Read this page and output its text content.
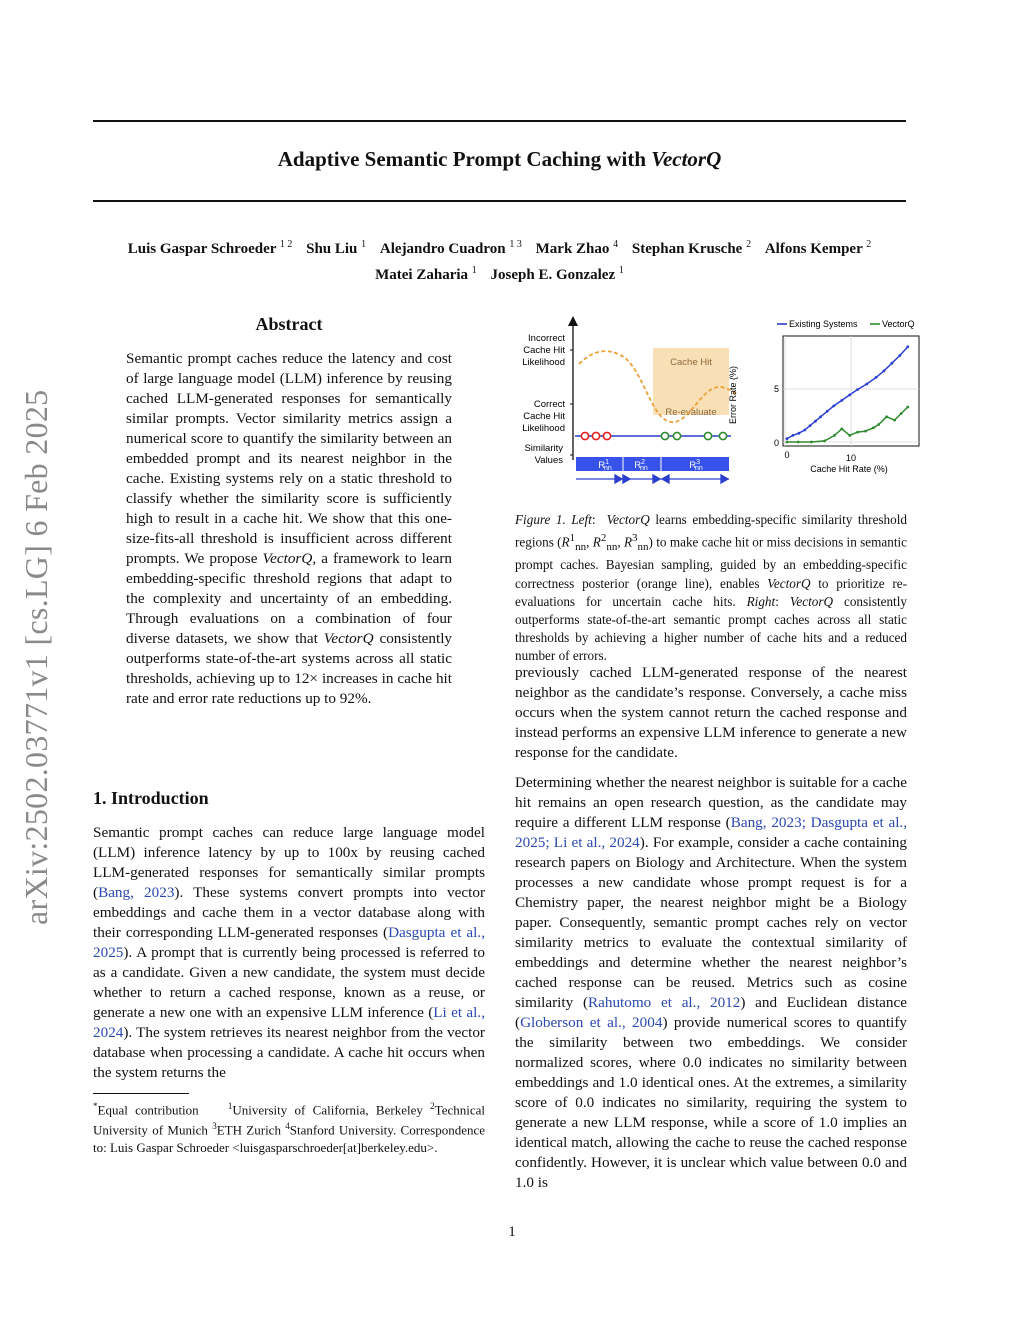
arXiv:2502.03771v1 [cs.LG] 6 Feb 2025
Adaptive Semantic Prompt Caching with VectorQ
Luis Gaspar Schroeder $^{1 2}$ Shu Liu $^1$ Alejandro Cuadron $^{1 3}$ Mark Zhao $^4$ Stephan Krusche $^2$ Alfons Kemper $^2$
Matei Zaharia $^1$ Joseph E. Gonzalez $^1$
Abstract
Semantic prompt caches reduce the latency and cost of large language model (LLM) inference by reusing cached LLM-generated responses for semantically similar prompts. Vector similarity metrics assign a numerical score to quantify the similarity between an embedded prompt and its nearest neighbor in the cache. Existing systems rely on a static threshold to classify whether the similarity score is sufficiently high to result in a cache hit. We show that this one-size-fits-all threshold is insufficient across different prompts. We propose VectorQ, a framework to learn embedding-specific threshold regions that adapt to the complexity and uncertainty of an embedding. Through evaluations on a combination of four diverse datasets, we show that VectorQ consistently outperforms state-of-the-art systems across all static thresholds, achieving up to 12× increases in cache hit rate and error rate reductions up to 92%.
1. Introduction
Semantic prompt caches can reduce large language model (LLM) inference latency by up to 100x by reusing cached LLM-generated responses for semantically similar prompts (Bang, 2023). These systems convert prompts into vector embeddings and cache them in a vector database along with their corresponding LLM-generated responses (Dasgupta et al., 2025). A prompt that is currently being processed is referred to as a candidate. Given a new candidate, the system must decide whether to return a cached response, known as a reuse, or generate a new one with an expensive LLM inference (Li et al., 2024). The system retrieves its nearest neighbor from the vector database when processing a candidate. A cache hit occurs when the system returns the
*Equal contribution	$^1$University of California, Berkeley $^2$Technical University of Munich $^3$ETH Zurich $^4$Stanford University. Correspondence to: Luis Gaspar Schroeder <luisgasparschroeder[at]berkeley.edu>.
Incorrect
Cache Hit
Likelihood
Correct
Cache Hit
Likelihood
Similarity
Values
Cache Hit
Re-evaluate
$R^1$ nn $R^2$ nn	$R^3$ nn
Error Rate (%)
0
5
0	10
Cache Hit Rate (%)
Existing Systems	VectorQ
Figure 1. Left:  VectorQ learns embedding-specific similarity threshold regions ($R^1_{nn}$, $R^2_{nn}$, $R^3_{nn}$) to make cache hit or miss decisions in semantic prompt caches. Bayesian sampling, guided by an embedding-specific correctness posterior (orange line), enables VectorQ to prioritize re-evaluations for uncertain cache hits. Right: VectorQ consistently outperforms state-of-the-art semantic prompt caches across all static thresholds by achieving a higher number of cache hits and a reduced number of errors.
previously cached LLM-generated response of the nearest neighbor as the candidate’s response. Conversely, a cache miss occurs when the system cannot return the cached response and instead performs an expensive LLM inference to generate a new response for the candidate.
Determining whether the nearest neighbor is suitable for a cache hit remains an open research question, as the candidate may require a different LLM response (Bang, 2023; Dasgupta et al., 2025; Li et al., 2024). For example, consider a cache containing research papers on Biology and Architecture. When the system processes a new candidate whose prompt request is for a Chemistry paper, the nearest neighbor might be a Biology paper. Consequently, semantic prompt caches rely on vector similarity metrics to evaluate the contextual similarity of embeddings and determine whether the nearest neighbor’s cached response can be reused. Metrics such as cosine similarity (Rahutomo et al., 2012) and Euclidean distance (Globerson et al., 2004) provide numerical scores to quantify the similarity between two embeddings. We consider normalized scores, where 0.0 indicates no similarity between embeddings and 1.0 identical ones. At the extremes, a similarity score of 0.0 indicates no similarity, requiring the system to generate a new LLM response, while a score of 1.0 implies an identical match, allowing the cache to reuse the cached response confidently. However, it is unclear which value between 0.0 and 1.0 is
1
